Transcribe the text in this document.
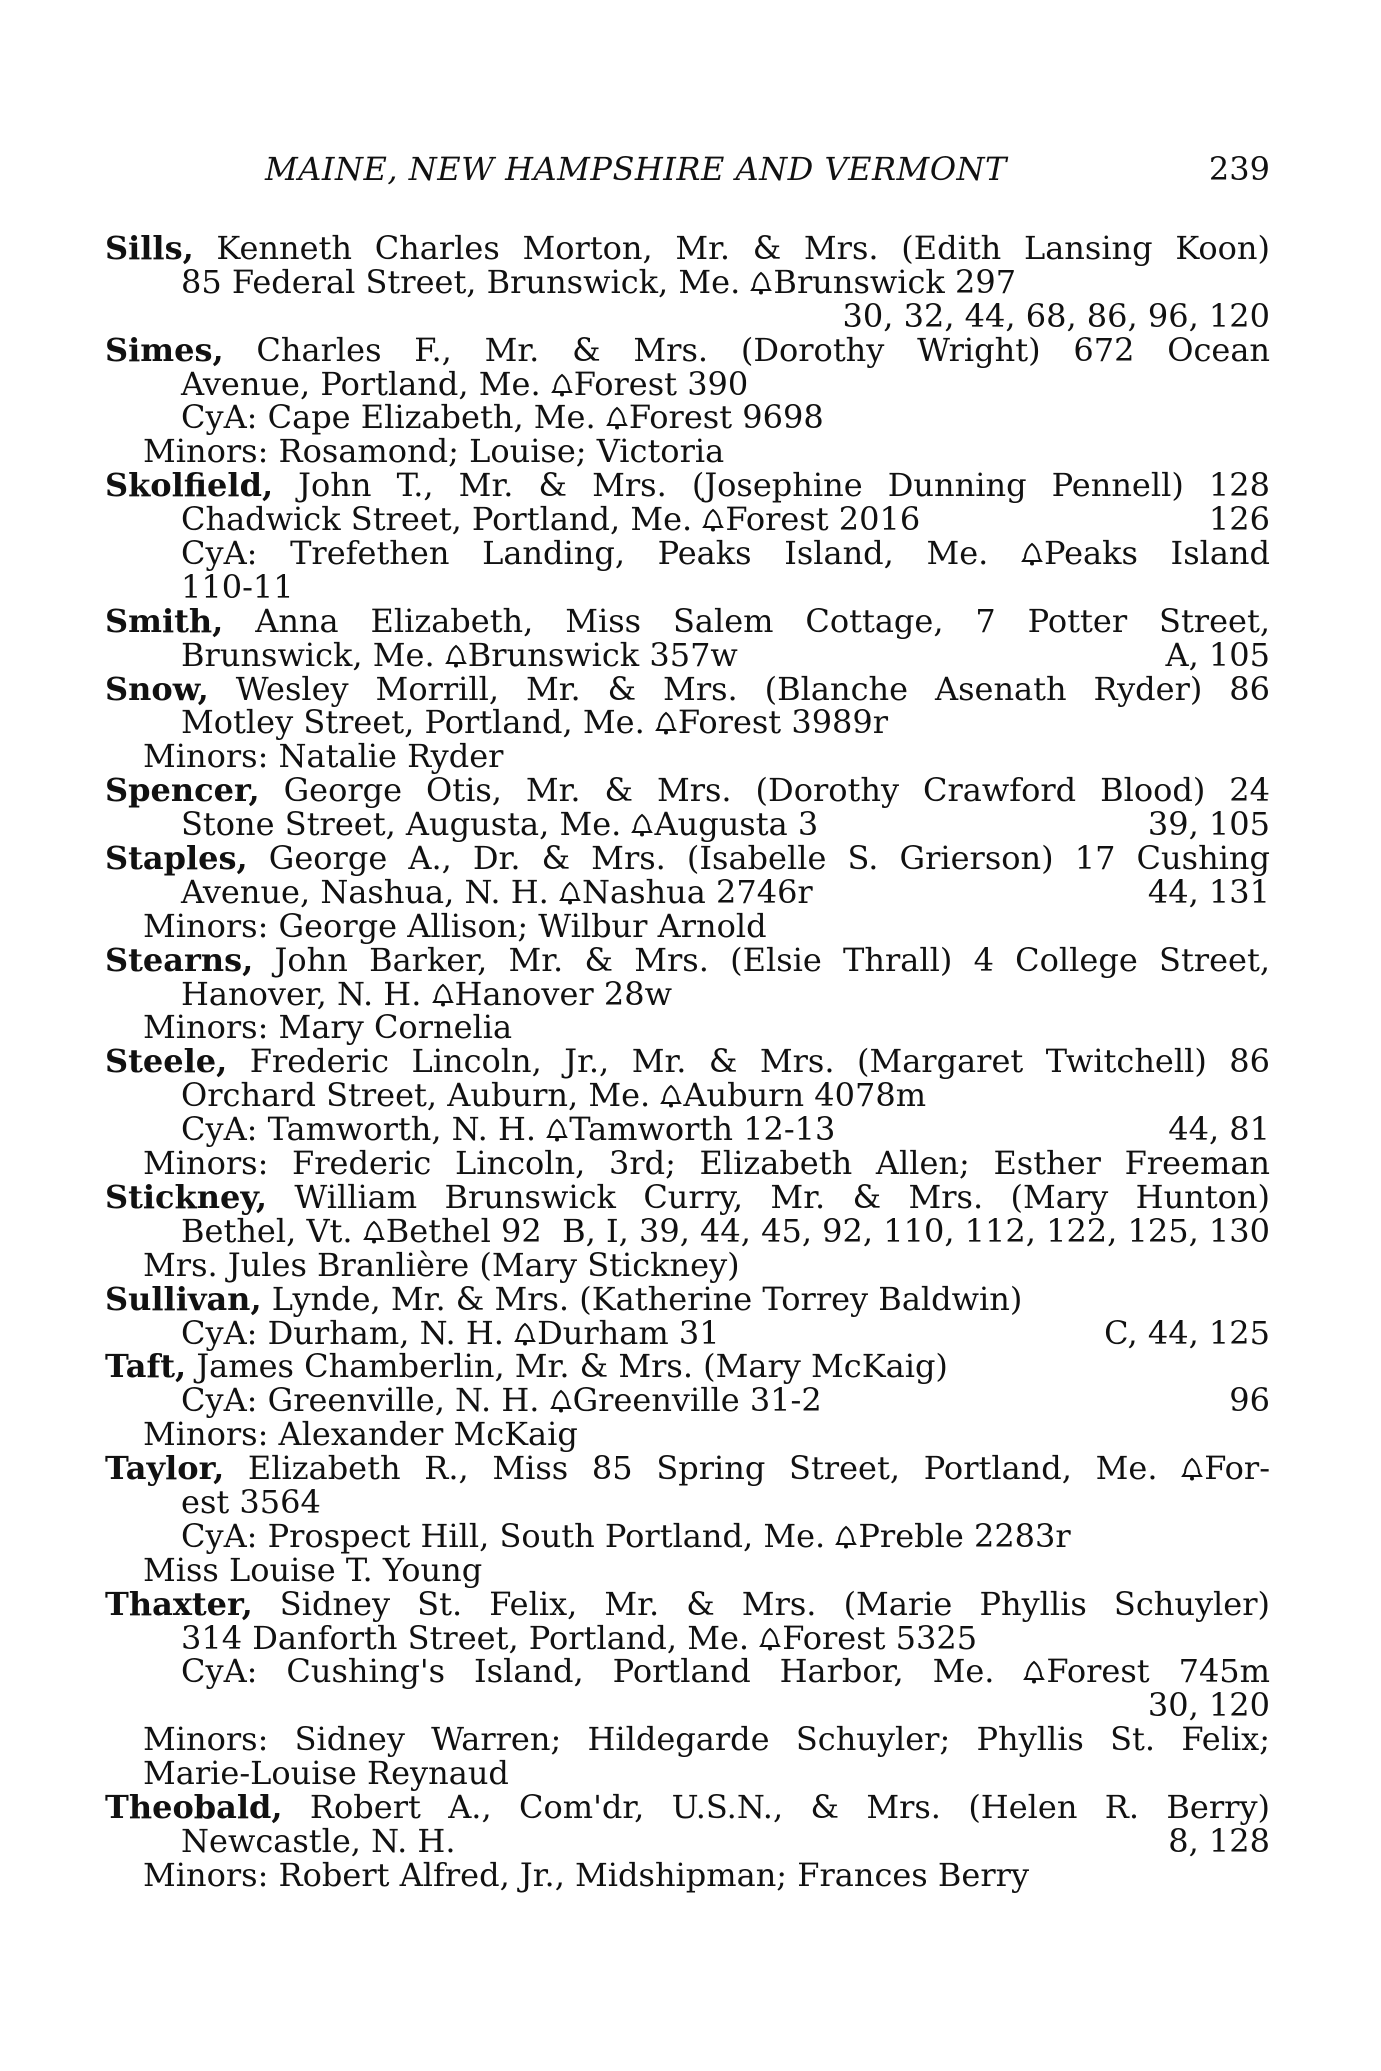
MAINE, NEW HAMPSHIRE AND VERMONT	239
Sills, Kenneth Charles Morton, Mr. & Mrs. (Edith Lansing Koon)
85 Federal Street, Brunswick, Me. Brunswick 297
30, 32, 44, 68, 86, 96, 120
Simes, Charles F., Mr. & Mrs. (Dorothy Wright) 672 Ocean
Avenue, Portland, Me. Forest 390
CyA: Cape Elizabeth, Me. Forest 9698
Minors: Rosamond; Louise; Victoria
Skolfield, John T., Mr. & Mrs. (Josephine Dunning Pennell) 128
Chadwick Street, Portland, Me. Forest 2016	126
CyA: Trefethen Landing, Peaks Island, Me. Peaks Island
110-11
Smith, Anna Elizabeth, Miss Salem Cottage, 7 Potter Street,
Brunswick, Me. Brunswick 357w	A, 105
Snow, Wesley Morrill, Mr. & Mrs. (Blanche Asenath Ryder) 86
Motley Street, Portland, Me. Forest 3989r
Minors: Natalie Ryder
Spencer, George Otis, Mr. & Mrs. (Dorothy Crawford Blood) 24
Stone Street, Augusta, Me. Augusta 3	39, 105
Staples, George A., Dr. & Mrs. (Isabelle S. Grierson) 17 Cushing
Avenue, Nashua, N. H. Nashua 2746r	44, 131
Minors: George Allison; Wilbur Arnold
Stearns, John Barker, Mr. & Mrs. (Elsie Thrall) 4 College Street,
Hanover, N. H. Hanover 28w
Minors: Mary Cornelia
Steele, Frederic Lincoln, Jr., Mr. & Mrs. (Margaret Twitchell) 86
Orchard Street, Auburn, Me. Auburn 4078m
CyA: Tamworth, N. H. Tamworth 12-13	44, 81
Minors: Frederic Lincoln, 3rd; Elizabeth Allen; Esther Freeman
Stickney, William Brunswick Curry, Mr. & Mrs. (Mary Hunton)
Bethel, Vt. Bethel 92 B, I, 39, 44, 45, 92, 110, 112, 122, 125, 130
Mrs. Jules Branlière (Mary Stickney)
Sullivan, Lynde, Mr. & Mrs. (Katherine Torrey Baldwin)
CyA: Durham, N. H. Durham 31	C, 44, 125
Taft, James Chamberlin, Mr. & Mrs. (Mary McKaig)
CyA: Greenville, N. H. Greenville 31-2	96
Minors: Alexander McKaig
Taylor, Elizabeth R., Miss 85 Spring Street, Portland, Me. For-
est 3564
CyA: Prospect Hill, South Portland, Me. Preble 2283r
Miss Louise T. Young
Thaxter, Sidney St. Felix, Mr. & Mrs. (Marie Phyllis Schuyler)
314 Danforth Street, Portland, Me. Forest 5325
CyA: Cushing's Island, Portland Harbor, Me. Forest 745m
30, 120
Minors: Sidney Warren; Hildegarde Schuyler; Phyllis St. Felix;
Marie-Louise Reynaud
Theobald, Robert A., Com'dr, U.S.N., & Mrs. (Helen R. Berry)
Newcastle, N. H.	8, 128
Minors: Robert Alfred, Jr., Midshipman; Frances Berry
